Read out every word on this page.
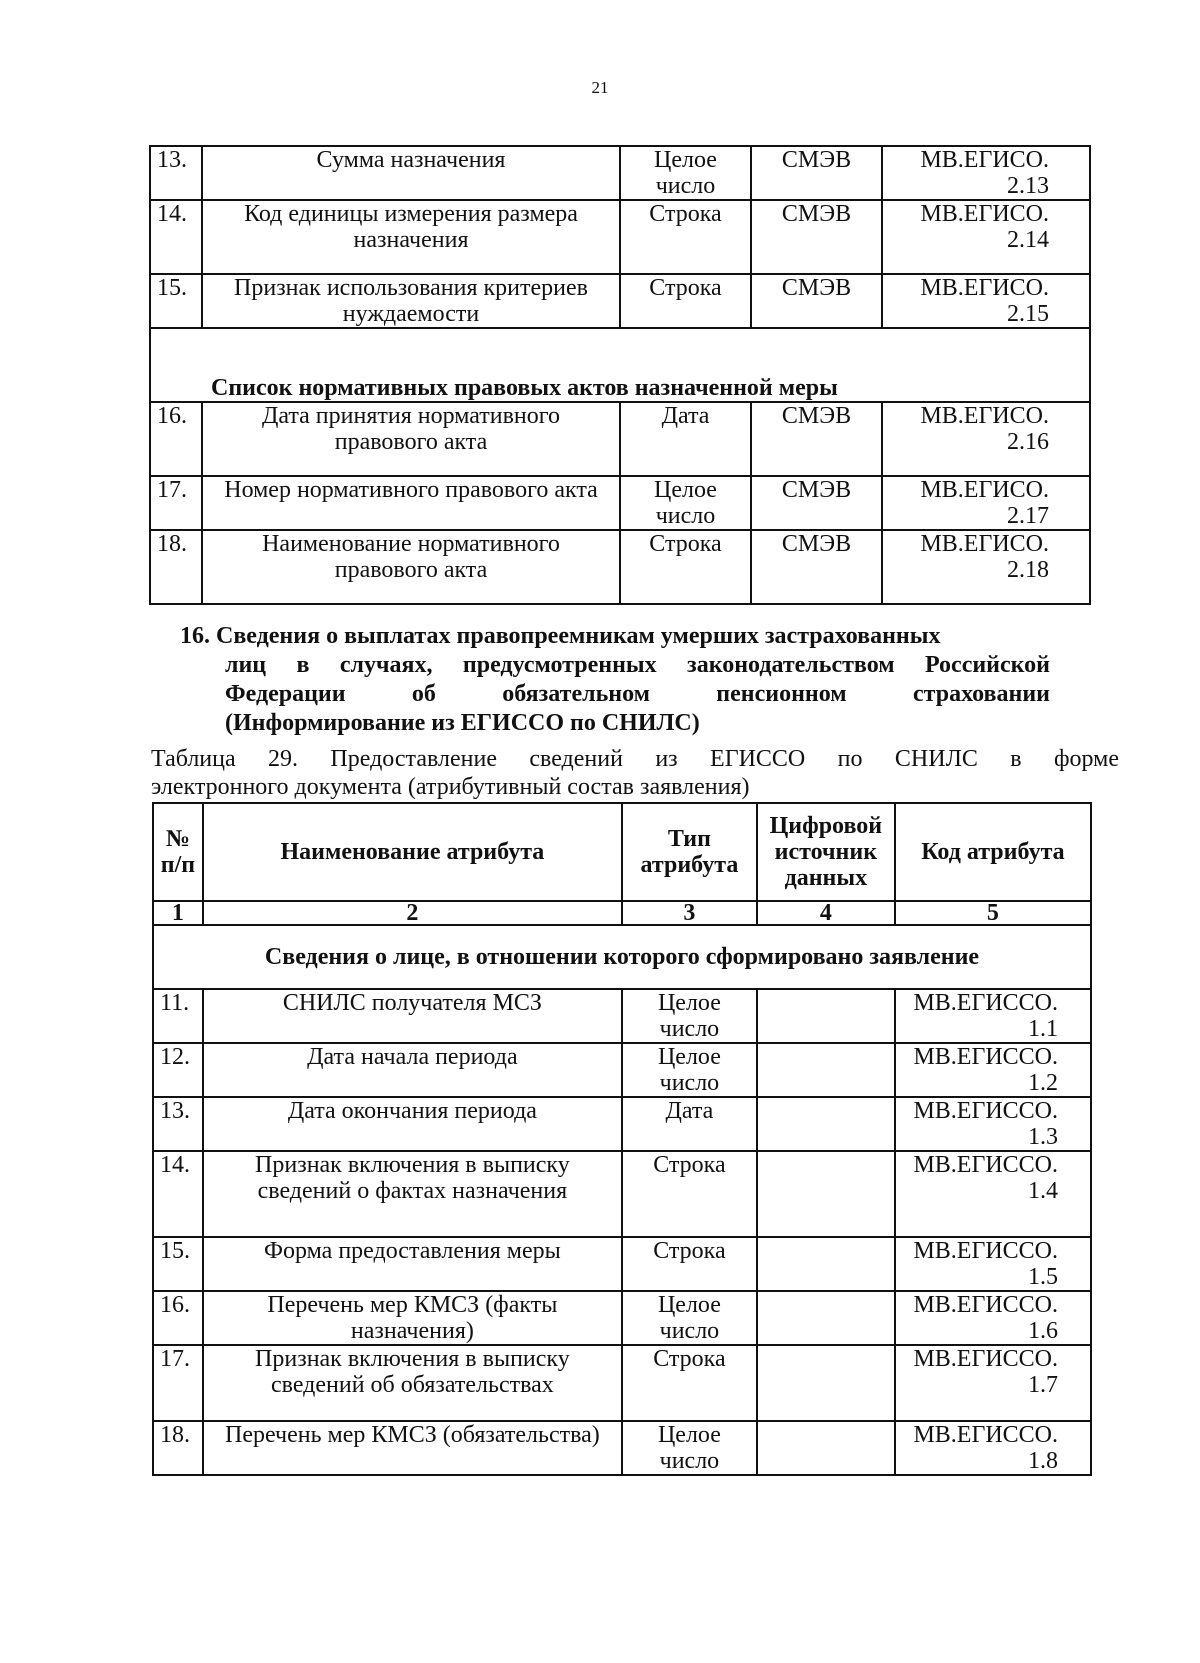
21
13.	Сумма назначения	Целое число	СМЭВ	МВ.ЕГИСО. 2.13
14.	Код единицы измерения размера назначения	Строка	СМЭВ	МВ.ЕГИСО. 2.14
15.	Признак использования критериев нуждаемости	Строка	СМЭВ	МВ.ЕГИСО. 2.15
Список нормативных правовых актов назначенной меры				
16.	Дата принятия нормативного правового акта	Дата	СМЭВ	МВ.ЕГИСО. 2.16
17.	Номер нормативного правового акта	Целое число	СМЭВ	МВ.ЕГИСО. 2.17
18.	Наименование нормативного правового акта	Строка	СМЭВ	МВ.ЕГИСО. 2.18
16. Сведения о выплатах правопреемникам умерших застрахованных
лиц в случаях, предусмотренных законодательством Российской
Федерации об обязательном пенсионном страховании
(Информирование из ЕГИССО по СНИЛС)
Таблица 29. Предоставление сведений из ЕГИССО по СНИЛС в форме
электронного документа (атрибутивный состав заявления)
№ п/п	Наименование атрибута	Тип атрибута	Цифровой источник данных	Код атрибута
1	2	3	4	5
Сведения о лице, в отношении которого сформировано заявление				
11.	СНИЛС получателя МСЗ	Целое число		МВ.ЕГИССО. 1.1
12.	Дата начала периода	Целое число		МВ.ЕГИССО. 1.2
13.	Дата окончания периода	Дата		МВ.ЕГИССО. 1.3
14.	Признак включения в выписку сведений о фактах назначения	Строка		МВ.ЕГИССО. 1.4
15.	Форма предоставления меры	Строка		МВ.ЕГИССО. 1.5
16.	Перечень мер КМСЗ (факты назначения)	Целое число		МВ.ЕГИССО. 1.6
17.	Признак включения в выписку сведений об обязательствах	Строка		МВ.ЕГИССО. 1.7
18.	Перечень мер КМСЗ (обязательства)	Целое число		МВ.ЕГИССО. 1.8
